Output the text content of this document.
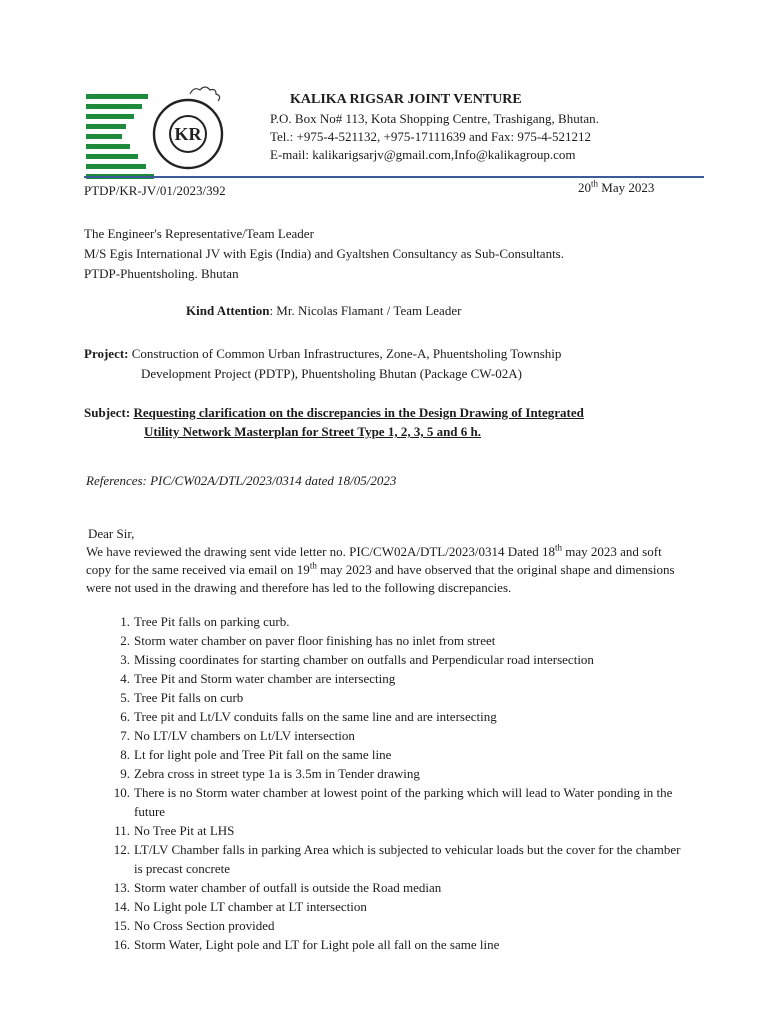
KR
KALIKA RIGSAR JOINT VENTURE
P.O. Box No# 113, Kota Shopping Centre, Trashigang, Bhutan.
Tel.: +975-4-521132, +975-17111639 and Fax: 975-4-521212
E-mail: kalikarigsarjv@gmail.com,Info@kalikagroup.com
PTDP/KR-JV/01/2023/392	20th May 2023
The Engineer's Representative/Team Leader
M/S Egis International JV with Egis (India) and Gyaltshen Consultancy as Sub-Consultants.
PTDP-Phuentsholing. Bhutan
Kind Attention: Mr. Nicolas Flamant / Team Leader
Project: Construction of Common Urban Infrastructures, Zone-A, Phuentsholing Township
Development Project (PDTP), Phuentsholing Bhutan (Package CW-02A)
Subject: Requesting clarification on the discrepancies in the Design Drawing of Integrated
Utility Network Masterplan for Street Type 1, 2, 3, 5 and 6 h.
References: PIC/CW02A/DTL/2023/0314 dated 18/05/2023
Dear Sir,
We have reviewed the drawing sent vide letter no. PIC/CW02A/DTL/2023/0314 Dated 18th may 2023 and soft copy for the same received via email on 19th may 2023 and have observed that the original shape and dimensions were not used in the drawing and therefore has led to the following discrepancies.
1. Tree Pit falls on parking curb.
2. Storm water chamber on paver floor finishing has no inlet from street
3. Missing coordinates for starting chamber on outfalls and Perpendicular road intersection
4. Tree Pit and Storm water chamber are intersecting
5. Tree Pit falls on curb
6. Tree pit and Lt/LV conduits falls on the same line and are intersecting
7. No LT/LV chambers on Lt/LV intersection
8. Lt for light pole and Tree Pit fall on the same line
9. Zebra cross in street type 1a is 3.5m in Tender drawing
10. There is no Storm water chamber at lowest point of the parking which will lead to Water ponding in the future
11. No Tree Pit at LHS
12. LT/LV Chamber falls in parking Area which is subjected to vehicular loads but the cover for the chamber is precast concrete
13. Storm water chamber of outfall is outside the Road median
14. No Light pole LT chamber at LT intersection
15. No Cross Section provided
16. Storm Water, Light pole and LT for Light pole all fall on the same line
